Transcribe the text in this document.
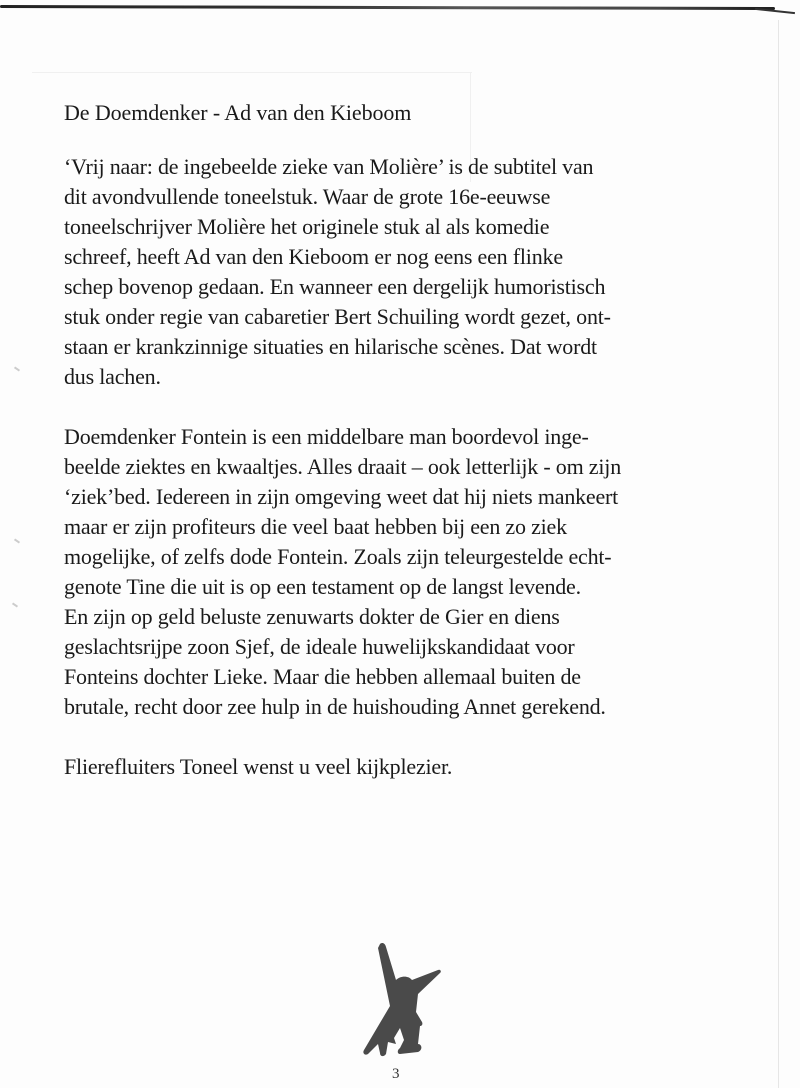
De Doemdenker - Ad van den Kieboom
‘Vrij naar: de ingebeelde zieke van Molière’ is de subtitel van
dit avondvullende toneelstuk. Waar de grote 16e-eeuwse
toneelschrijver Molière het originele stuk al als komedie
schreef, heeft Ad van den Kieboom er nog eens een flinke
schep bovenop gedaan. En wanneer een dergelijk humoristisch
stuk onder regie van cabaretier Bert Schuiling wordt gezet, ont-
staan er krankzinnige situaties en hilarische scènes. Dat wordt
dus lachen.
Doemdenker Fontein is een middelbare man boordevol inge-
beelde ziektes en kwaaltjes. Alles draait – ook letterlijk - om zijn
‘ziek’bed. Iedereen in zijn omgeving weet dat hij niets mankeert
maar er zijn profiteurs die veel baat hebben bij een zo ziek
mogelijke, of zelfs dode Fontein. Zoals zijn teleurgestelde echt-
genote Tine die uit is op een testament op de langst levende.
En zijn op geld beluste zenuwarts dokter de Gier en diens
geslachtsrijpe zoon Sjef, de ideale huwelijkskandidaat voor
Fonteins dochter Lieke. Maar die hebben allemaal buiten de
brutale, recht door zee hulp in de huishouding Annet gerekend.
Flierefluiters Toneel wenst u veel kijkplezier.
3
